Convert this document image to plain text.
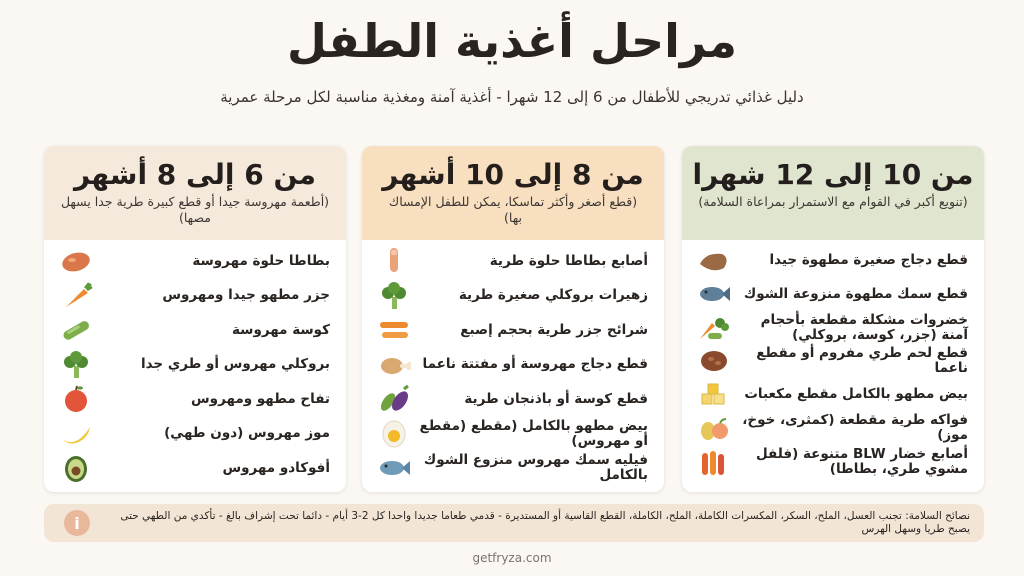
مراحل أغذية الطفل
دليل غذائي تدريجي للأطفال من 6 إلى 12 شهرا - أغذية آمنة ومغذية مناسبة لكل مرحلة عمرية
من 6 إلى 8 أشهر
(أطعمة مهروسة جيدا أو قطع كبيرة طرية جدا يسهل مصها)
بطاطا حلوة مهروسة
جزر مطهو جيدا ومهروس
كوسة مهروسة
بروكلي مهروس أو طري جدا
تفاح مطهو ومهروس
موز مهروس (دون طهي)
أفوكادو مهروس
من 8 إلى 10 أشهر
(قطع أصغر وأكثر تماسكا، يمكن للطفل الإمساك بها)
أصابع بطاطا حلوة طرية
زهيرات بروكلي صغيرة طرية
شرائح جزر طرية بحجم إصبع
قطع دجاج مهروسة أو مفتتة ناعما
قطع كوسة أو باذنجان طرية
بيض مطهو بالكامل (مقطع (مقطع أو مهروس)
فيليه سمك مهروس منزوع الشوك بالكامل
من 10 إلى 12 شهرا
(تنويع أكبر في القوام مع الاستمرار بمراعاة السلامة)
قطع دجاج صغيرة مطهوة جيدا
قطع سمك مطهوة منزوعة الشوك
خضروات مشكلة مقطعة بأحجام آمنة (جزر، كوسة، بروكلي)
قطع لحم طري مفروم أو مقطع ناعما
بيض مطهو بالكامل مقطع مكعبات
فواكه طرية مقطعة (كمثرى، خوخ، موز)
أصابع خضار BLW متنوعة (فلفل مشوي طري، بطاطا)
نصائح السلامة: تجنب العسل، الملح، السكر، المكسرات الكاملة، الملح، الكاملة، القطع القاسية أو المستديرة - قدمي طعاما جديدا واحدا كل 2-3 أيام - دائما تحت إشراف بالغ - تأكدي من الطهي حتى يصبح طريا وسهل الهرس
i
getfryza.com
